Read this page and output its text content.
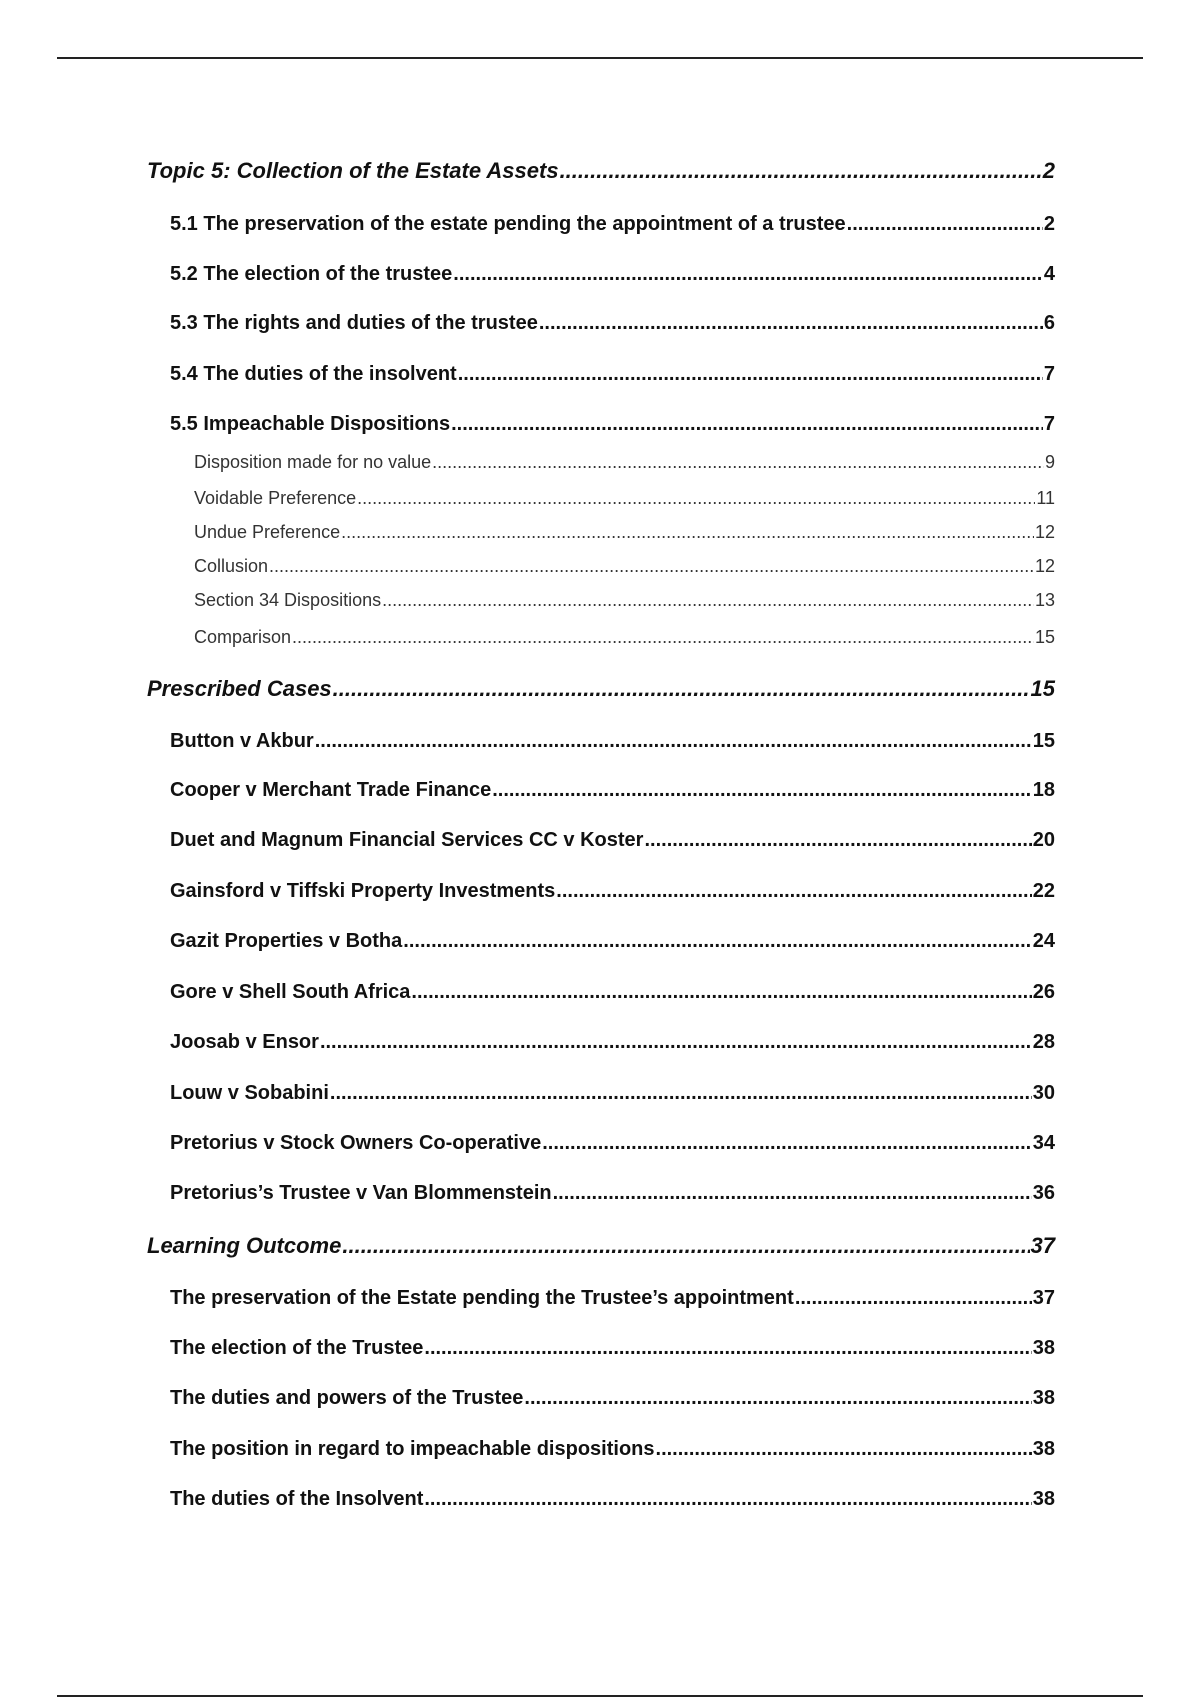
Topic 5: Collection of the Estate Assets .....	2
5.1 The preservation of the estate pending the appointment of a trustee .....	2
5.2 The election of the trustee .....	4
5.3 The rights and duties of the trustee .....	6
5.4 The duties of the insolvent .....	7
5.5 Impeachable Dispositions .....	7
Disposition made for no value .....	9
Voidable Preference .....	11
Undue Preference .....	12
Collusion .....	12
Section 34 Dispositions .....	13
Comparison .....	15
Prescribed Cases .....	15
Button v Akbur .....	15
Cooper v Merchant Trade Finance .....	18
Duet and Magnum Financial Services CC v Koster .....	20
Gainsford v Tiffski Property Investments .....	22
Gazit Properties v Botha .....	24
Gore v Shell South Africa .....	26
Joosab v Ensor .....	28
Louw v Sobabini .....	30
Pretorius v Stock Owners Co-operative .....	34
Pretorius’s Trustee v Van Blommenstein .....	36
Learning Outcome .....	37
The preservation of the Estate pending the Trustee’s appointment .....	37
The election of the Trustee .....	38
The duties and powers of the Trustee .....	38
The position in regard to impeachable dispositions .....	38
The duties of the Insolvent .....	38
